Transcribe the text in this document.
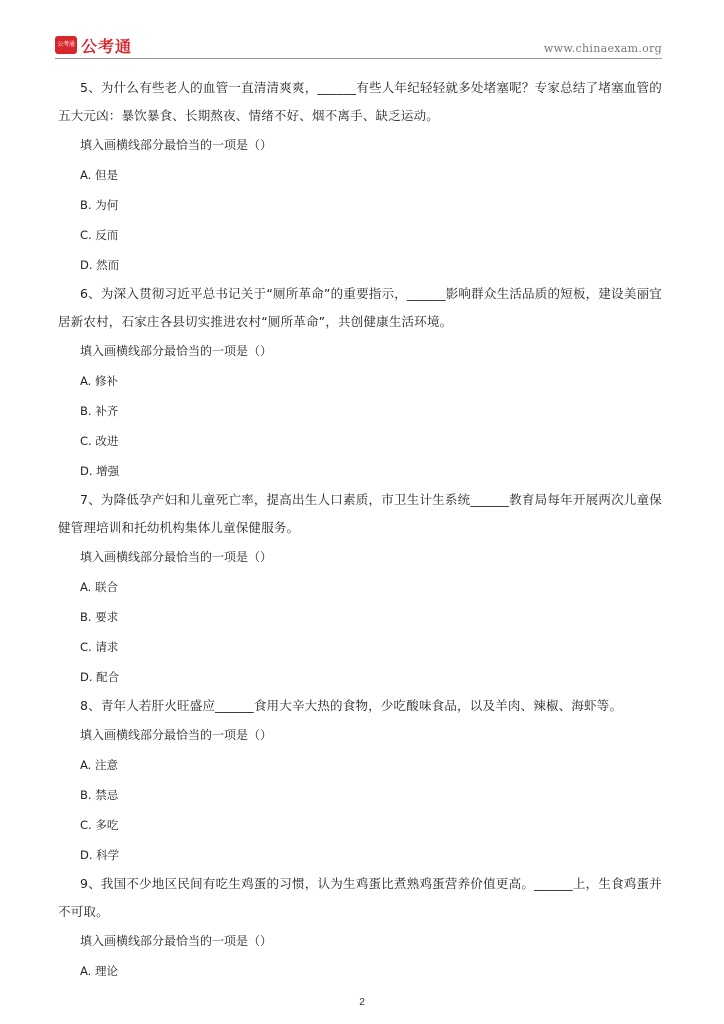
公考通 公考通	www.chinaexam.org

5、为什么有些老人的血管一直清清爽爽，______有些人年纪轻轻就多处堵塞呢？专家总结了堵塞血管的五大元凶：暴饮暴食、长期熬夜、情绪不好、烟不离手、缺乏运动。

填入画横线部分最恰当的一项是（）

A. 但是

B. 为何

C. 反而

D. 然而

6、为深入贯彻习近平总书记关于“厕所革命”的重要指示，______影响群众生活品质的短板，建设美丽宜居新农村，石家庄各县切实推进农村“厕所革命”，共创健康生活环境。

填入画横线部分最恰当的一项是（）

A. 修补

B. 补齐

C. 改进

D. 增强

7、为降低孕产妇和儿童死亡率，提高出生人口素质，市卫生计生系统______教育局每年开展两次儿童保健管理培训和托幼机构集体儿童保健服务。

填入画横线部分最恰当的一项是（）

A. 联合

B. 要求

C. 请求

D. 配合

8、青年人若肝火旺盛应______食用大辛大热的食物，少吃酸味食品，以及羊肉、辣椒、海虾等。

填入画横线部分最恰当的一项是（）

A. 注意

B. 禁忌

C. 多吃

D. 科学

9、我国不少地区民间有吃生鸡蛋的习惯，认为生鸡蛋比煮熟鸡蛋营养价值更高。______上，生食鸡蛋并不可取。

填入画横线部分最恰当的一项是（）

A. 理论

2
